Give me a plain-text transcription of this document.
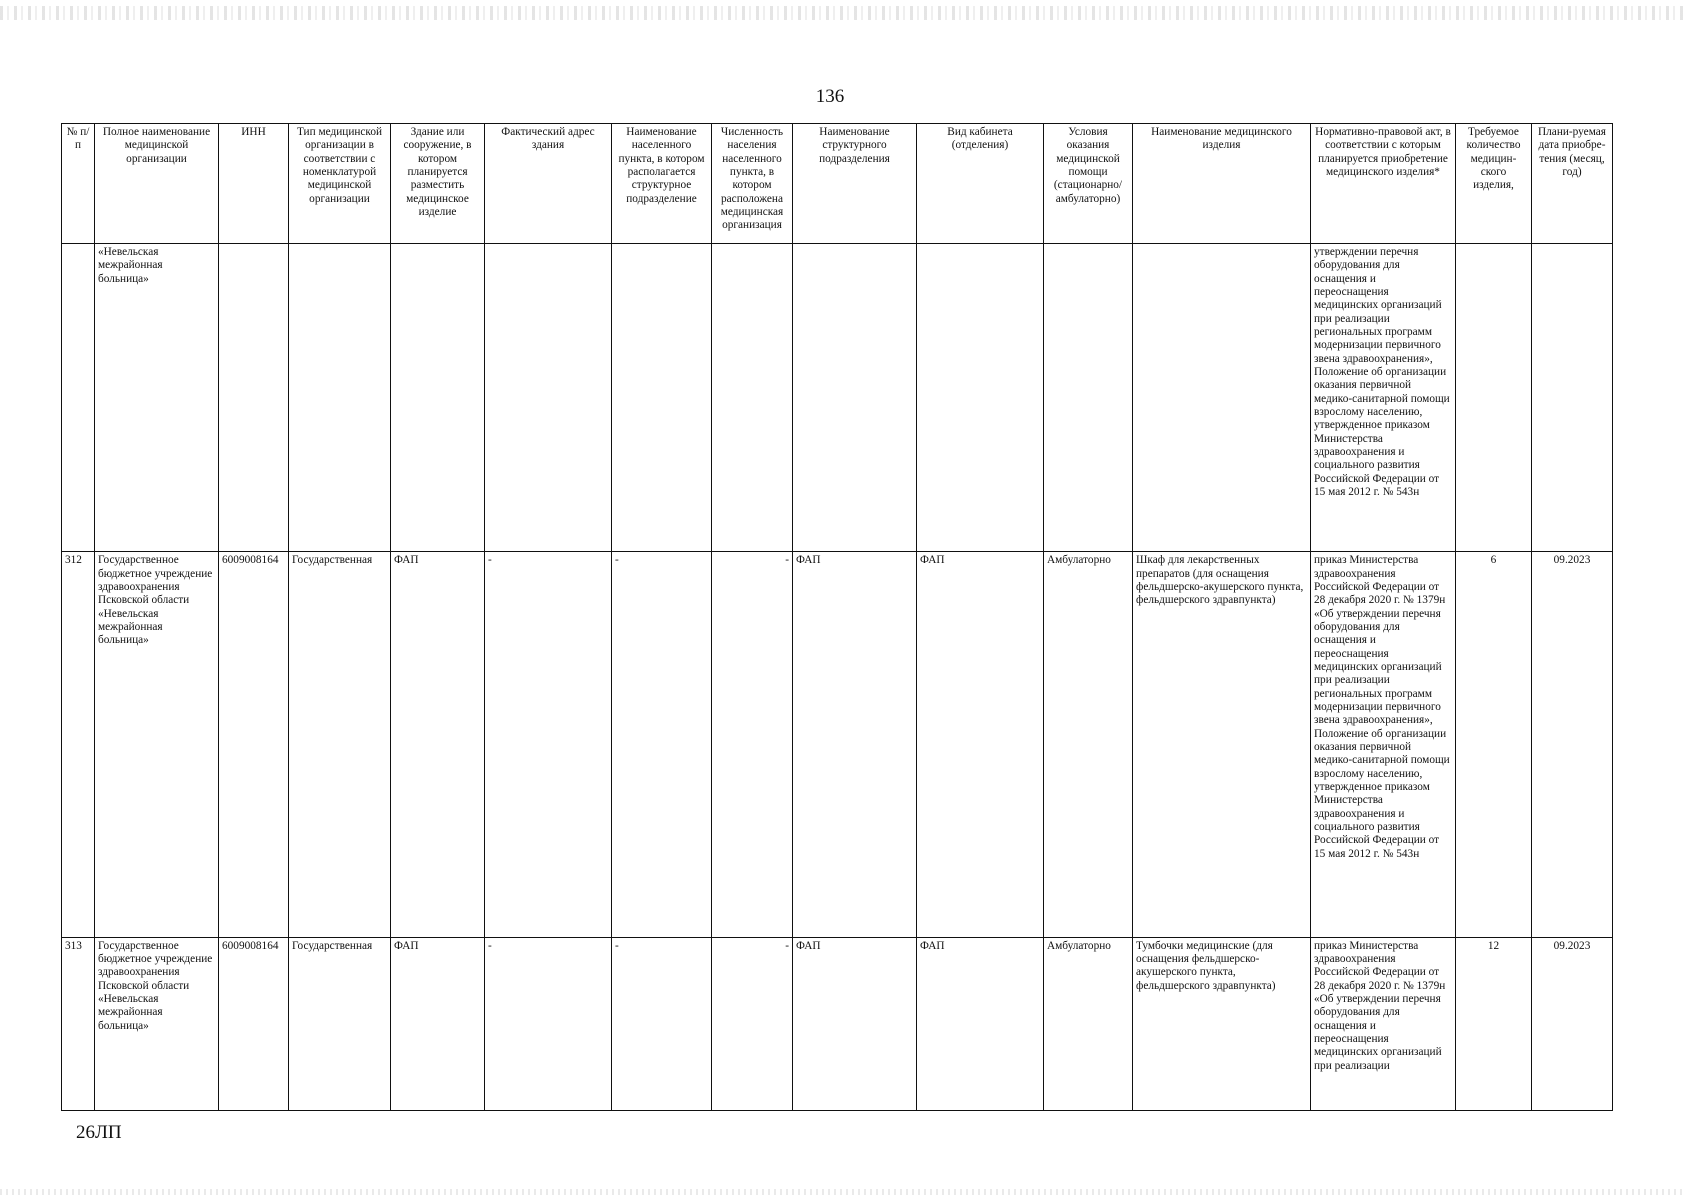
136
№ п/п	Полное наименование медицинской организации	ИНН	Тип медицинской организации в соответствии с номенклатурой медицинской организации	Здание или сооружение, в котором планируется разместить медицинское изделие	Фактический адрес здания	Наименование населенного пункта, в котором располагается структурное подразделение	Численность населения населенного пункта, в котором расположена медицинская организация	Наименование структурного подразделения	Вид кабинета (отделения)	Условия оказания медицинской помощи (стационарно/ амбулаторно)	Наименование медицинского изделия	Нормативно-правовой акт, в соответствии с которым планируется приобретение медицинского изделия*	Требуемое количество медицин-ского изделия,	Плани-руемая дата приобре-тения (месяц, год)
	«Невельская межрайонная больница»											утверждении перечня оборудования для оснащения и переоснащения медицинских организаций при реализации региональных программ модернизации первичного звена здравоохранения», Положение об организации оказания первичной медико-санитарной помощи взрослому населению, утвержденное приказом Министерства здравоохранения и социального развития Российской Федерации от 15 мая 2012 г. № 543н		
312	Государственное бюджетное учреждение здравоохранения Псковской области «Невельская межрайонная больница»	6009008164	Государственная	ФАП	-	-	-	ФАП	ФАП	Амбулаторно	Шкаф для лекарственных препаратов (для оснащения фельдшерско-акушерского пункта, фельдшерского здравпункта)	приказ Министерства здравоохранения Российской Федерации от 28 декабря 2020 г. № 1379н «Об утверждении перечня оборудования для оснащения и переоснащения медицинских организаций при реализации региональных программ модернизации первичного звена здравоохранения», Положение об организации оказания первичной медико-санитарной помощи взрослому населению, утвержденное приказом Министерства здравоохранения и социального развития Российской Федерации от 15 мая 2012 г. № 543н	6	09.2023
313	Государственное бюджетное учреждение здравоохранения Псковской области «Невельская межрайонная больница»	6009008164	Государственная	ФАП	-	-	-	ФАП	ФАП	Амбулаторно	Тумбочки медицинские (для оснащения фельдшерско-акушерского пункта, фельдшерского здравпункта)	приказ Министерства здравоохранения Российской Федерации от 28 декабря 2020 г. № 1379н «Об утверждении перечня оборудования для оснащения и переоснащения медицинских организаций при реализации	12	09.2023
26ЛП
